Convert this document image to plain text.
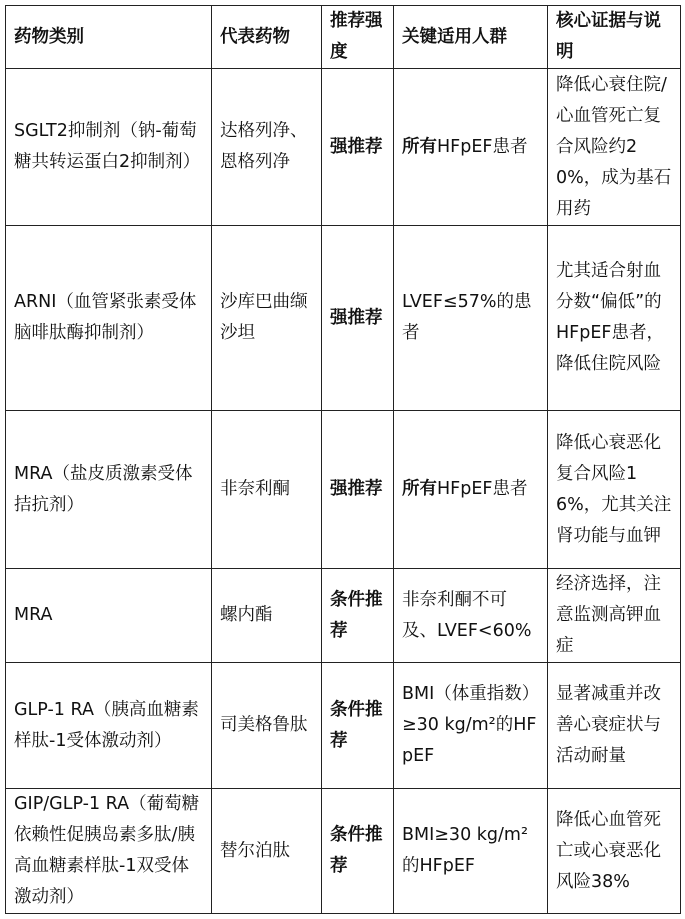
药物类别	代表药物	推荐强度	关键适用人群	核心证据与说明
SGLT2抑制剂（钠-葡萄糖共转运蛋白2抑制剂）	达格列净、恩格列净	强推荐	所有HFpEF患者	降低心衰住院/心血管死亡复合风险约20%，成为基石用药
ARNI（血管紧张素受体脑啡肽酶抑制剂）	沙库巴曲缬沙坦	强推荐	LVEF≤57%的患者	尤其适合射血分数“偏低”的HFpEF患者，降低住院风险
MRA（盐皮质激素受体拮抗剂）	非奈利酮	强推荐	所有HFpEF患者	降低心衰恶化复合风险16%，尤其关注肾功能与血钾
MRA	螺内酯	条件推荐	非奈利酮不可及、LVEF<60%	经济选择，注意监测高钾血症
GLP-1 RA（胰高血糖素样肽-1受体激动剂）	司美格鲁肽	条件推荐	BMI（体重指数）≥30 kg/m²的HFpEF	显著减重并改善心衰症状与活动耐量
GIP/GLP-1 RA（葡萄糖依赖性促胰岛素多肽/胰高血糖素样肽-1双受体激动剂）	替尔泊肽	条件推荐	BMI≥30 kg/m²的HFpEF	降低心血管死亡或心衰恶化风险38%
